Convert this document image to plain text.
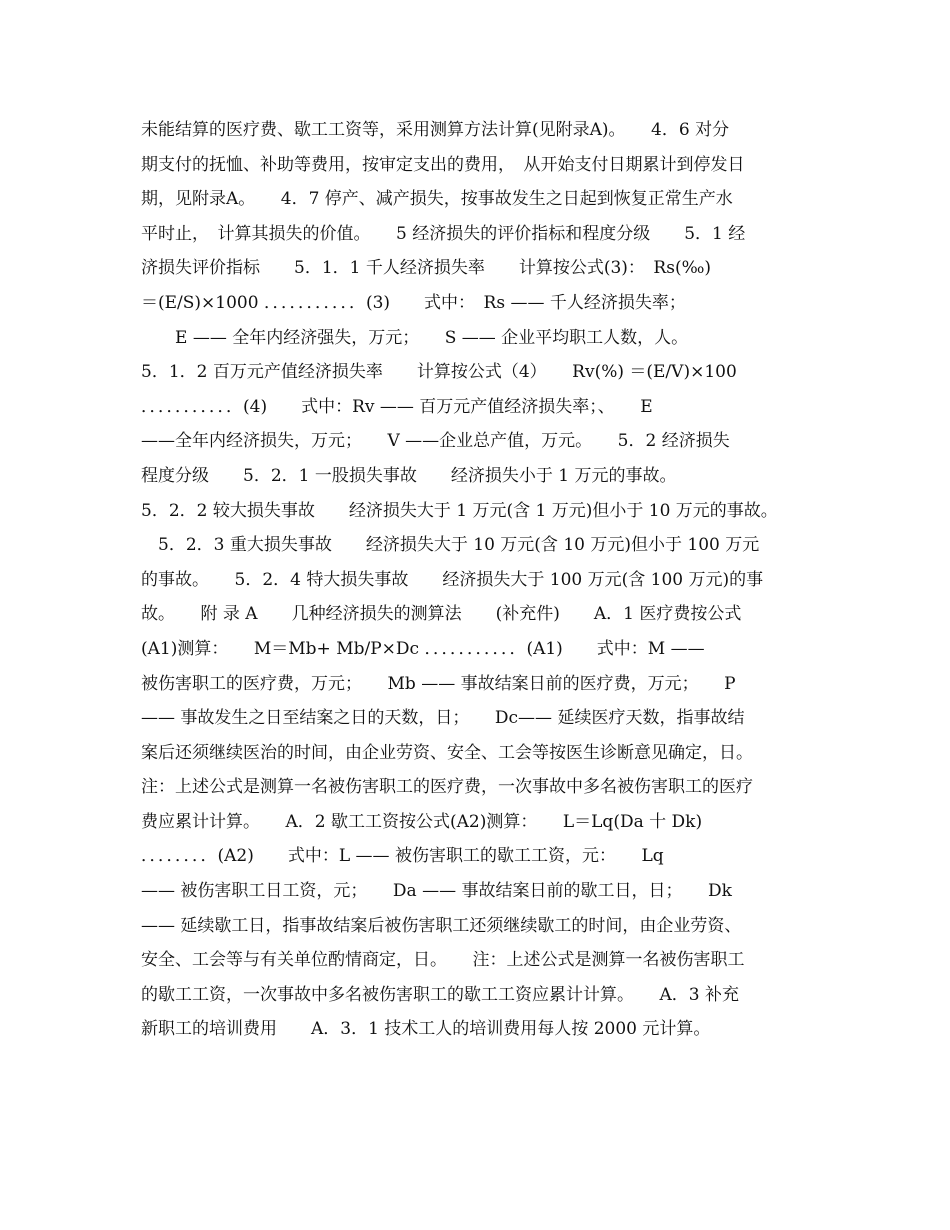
未能结算的医疗费、歇工工资等，采用测算方法计算(见附录A)。　　4．6 对分
期支付的抚恤、补助等费用，按审定支出的费用，　从开始支付日期累计到停发日
期，见附录A。　　4．7 停产、减产损失，按事故发生之日起到恢复正常生产水
平时止，　计算其损失的价值。　　5 经济损失的评价指标和程度分级　　5．1 经
济损失评价指标　　5．1．1 千人经济损失率　　计算按公式(3)：　Rs(‰)
＝(E/S)×1000 ．．．．．．．．．．．(3)　　式中：　Rs —— 千人经济损失率；
　　E —— 全年内经济强失，万元；　　S —— 企业平均职工人数，人。
5．1．2 百万元产值经济损失率　　计算按公式（4）　　Rv(%) ＝(E/V)×100
．．．．．．．．．．．(4)　　式中：Rv —— 百万元产值经济损失率；、　　E
——全年内经济损失，万元；　　V ——企业总产值，万元。　　5．2 经济损失
程度分级　　5．2．1 一股损失事故　　经济损失小于 1 万元的事故。
5．2．2 较大损失事故　　经济损失大于 1 万元(含 1 万元)但小于 10 万元的事故。
　5．2．3 重大损失事故　　经济损失大于 10 万元(含 10 万元)但小于 100 万元
的事故。　　5．2．4 特大损失事故　　经济损失大于 100 万元(含 100 万元)的事
故。　　附 录 A　　几种经济损失的测算法　　(补充件)　　A．1 医疗费按公式
(A1)测算：　　M＝Mb+ Mb/P×Dc ．．．．．．．．．．．(A1)　　式中：M ——
被伤害职工的医疗费，万元；　　Mb —— 事故结案日前的医疗费，万元；　　P
—— 事故发生之日至结案之日的天数，日；　　Dc—— 延续医疗天数，指事故结
案后还须继续医治的时间，由企业劳资、安全、工会等按医生诊断意见确定，日。
注：上述公式是测算一名被伤害职工的医疗费，一次事故中多名被伤害职工的医疗
费应累计计算。　　A．2 歇工工资按公式(A2)测算：　　L＝Lq(Da 十 Dk)
．．．．．．．．(A2)　　式中：L —— 被伤害职工的歇工工资，元：　　Lq
—— 被伤害职工日工资，元；　　Da —— 事故结案日前的歇工日，日；　　Dk
—— 延续歇工日，指事故结案后被伤害职工还须继续歇工的时间，由企业劳资、
安全、工会等与有关单位酌情商定，日。　　注：上述公式是测算一名被伤害职工
的歇工工资，一次事故中多名被伤害职工的歇工工资应累计计算。　　A．3 补充
新职工的培训费用　　A．3．1 技术工人的培训费用每人按 2000 元计算。
